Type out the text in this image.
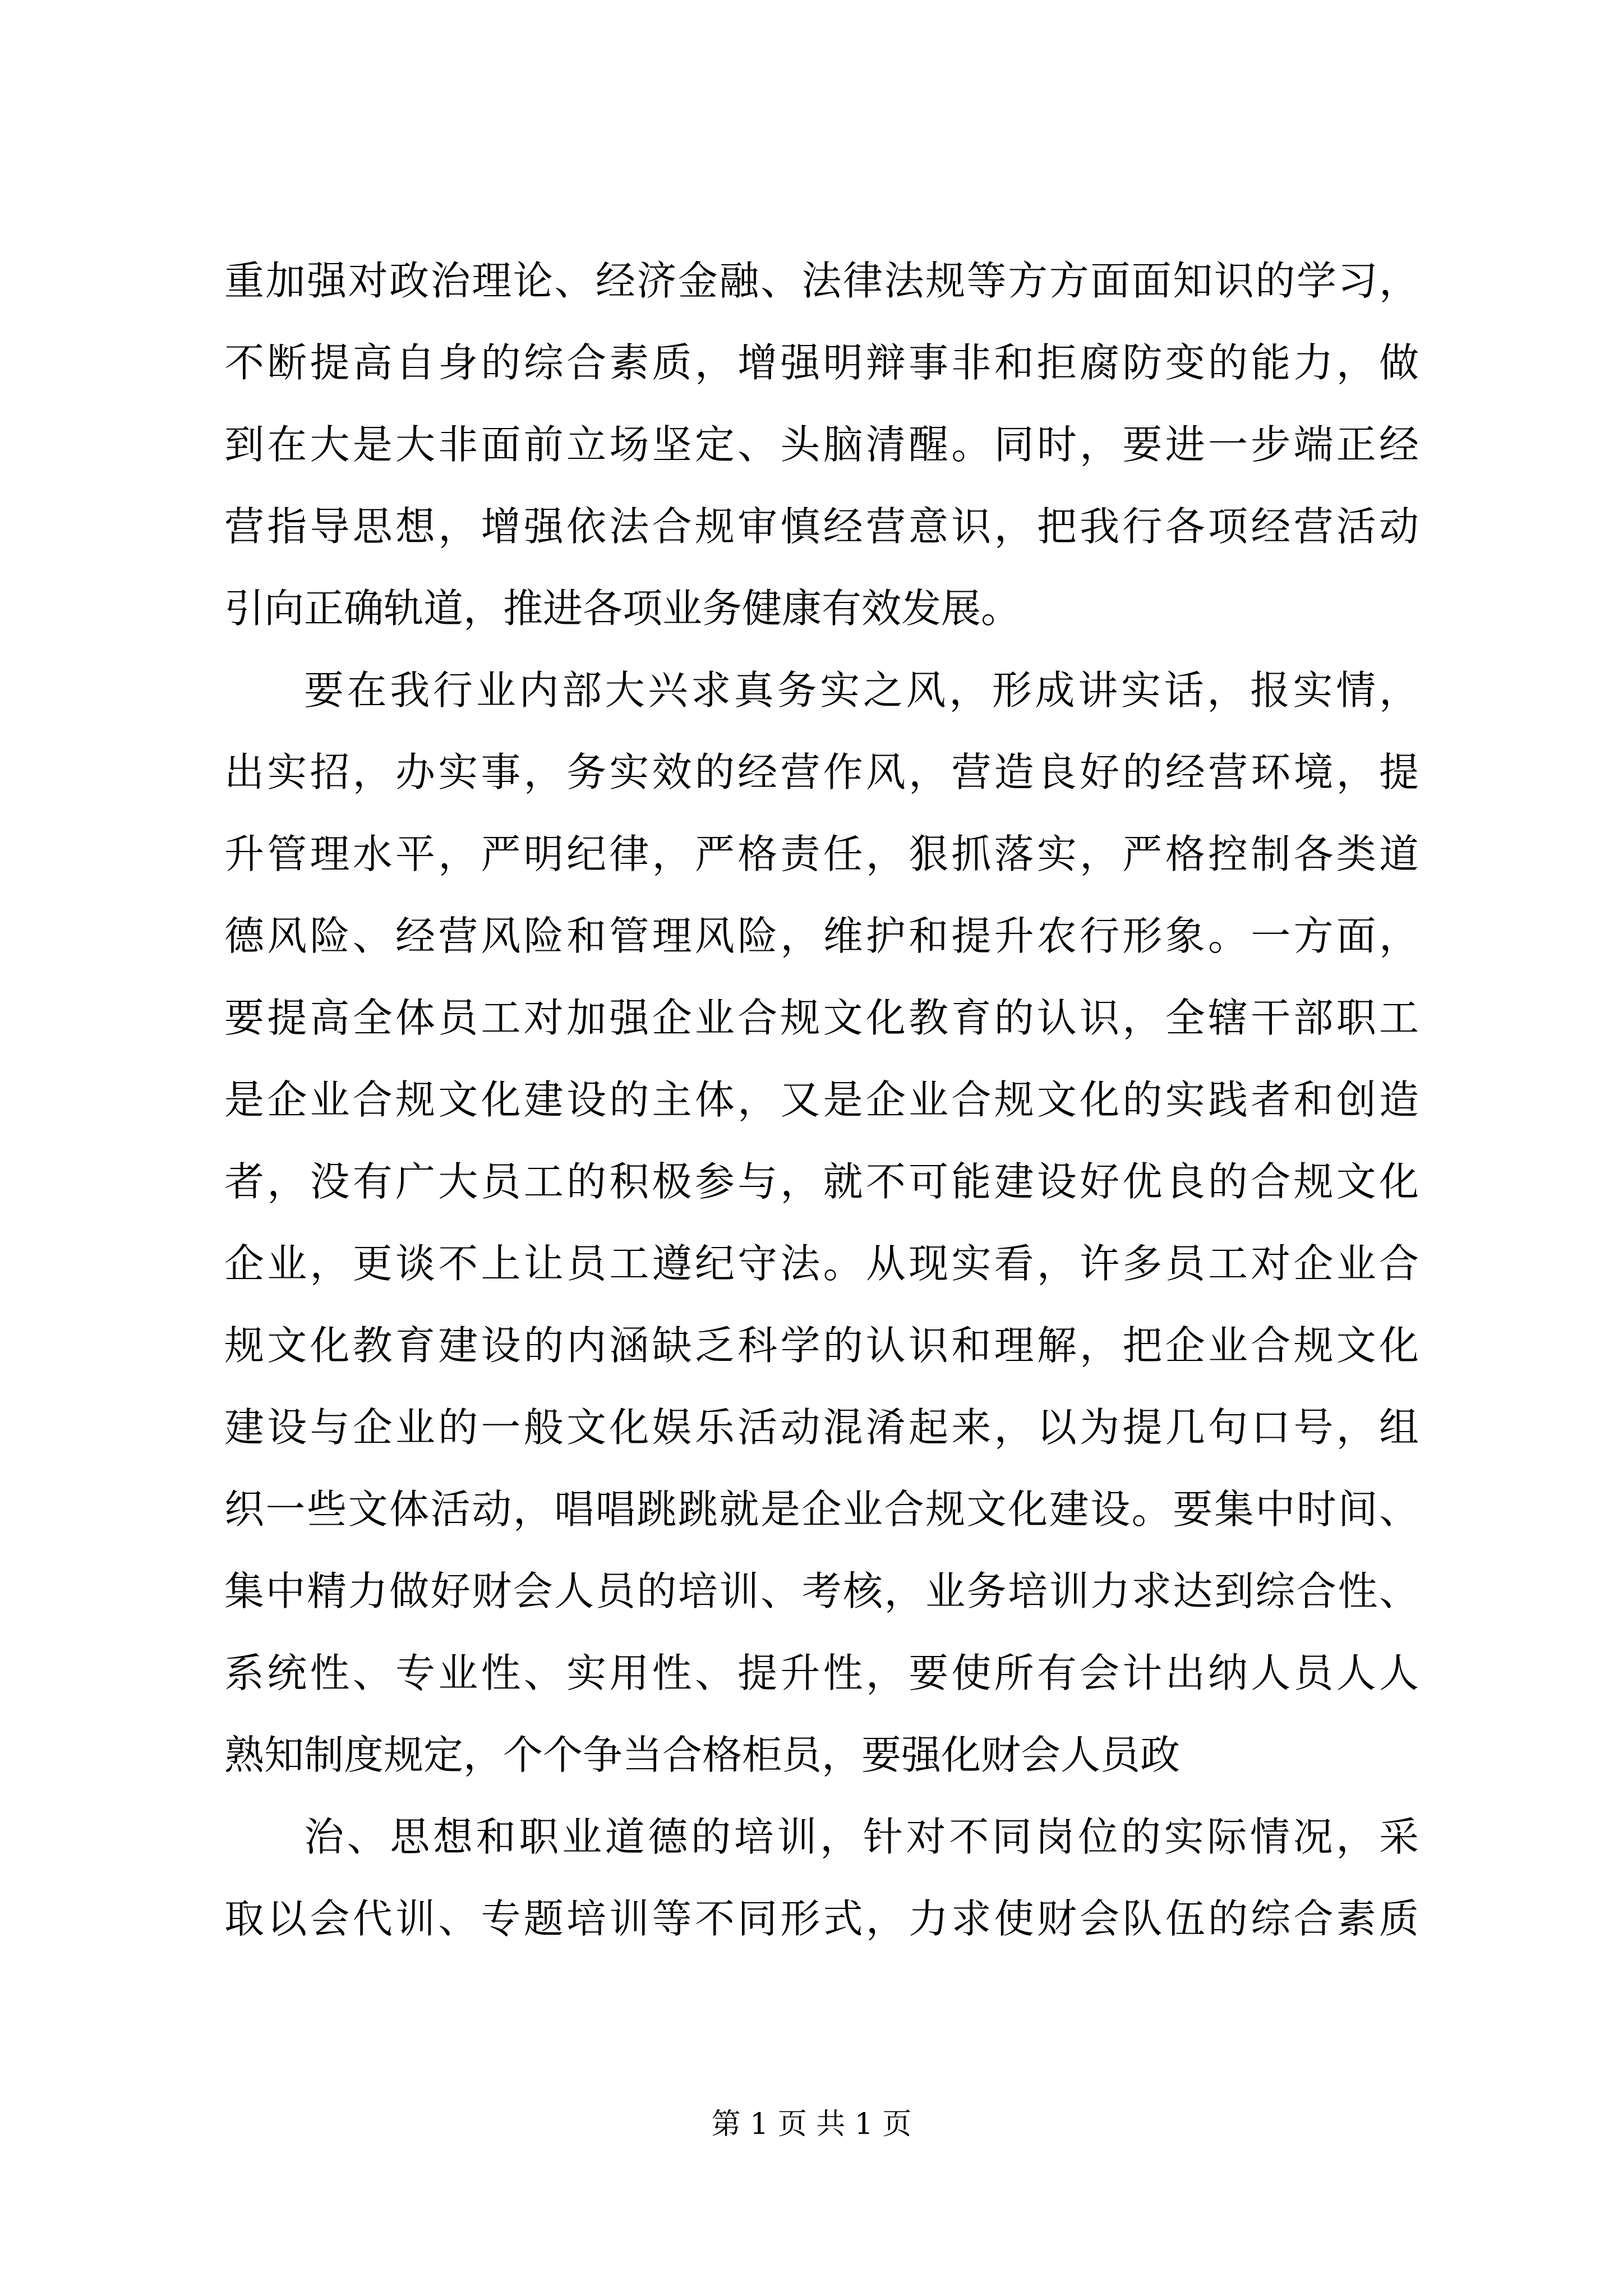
重加强对政治理论、经济金融、法律法规等方方面面知识的学习，
不断提高自身的综合素质，增强明辩事非和拒腐防变的能力，做
到在大是大非面前立场坚定、头脑清醒。同时，要进一步端正经
营指导思想，增强依法合规审慎经营意识，把我行各项经营活动
引向正确轨道，推进各项业务健康有效发展。
要在我行业内部大兴求真务实之风，形成讲实话，报实情，
出实招，办实事，务实效的经营作风，营造良好的经营环境，提
升管理水平，严明纪律，严格责任，狠抓落实，严格控制各类道
德风险、经营风险和管理风险，维护和提升农行形象。一方面，
要提高全体员工对加强企业合规文化教育的认识，全辖干部职工
是企业合规文化建设的主体，又是企业合规文化的实践者和创造
者，没有广大员工的积极参与，就不可能建设好优良的合规文化
企业，更谈不上让员工遵纪守法。从现实看，许多员工对企业合
规文化教育建设的内涵缺乏科学的认识和理解，把企业合规文化
建设与企业的一般文化娱乐活动混淆起来，以为提几句口号，组
织一些文体活动，唱唱跳跳就是企业合规文化建设。要集中时间、
集中精力做好财会人员的培训、考核，业务培训力求达到综合性、
系统性、专业性、实用性、提升性，要使所有会计出纳人员人人
熟知制度规定，个个争当合格柜员，要强化财会人员政
治、思想和职业道德的培训，针对不同岗位的实际情况，采
取以会代训、专题培训等不同形式，力求使财会队伍的综合素质
第 1 页 共 1 页
